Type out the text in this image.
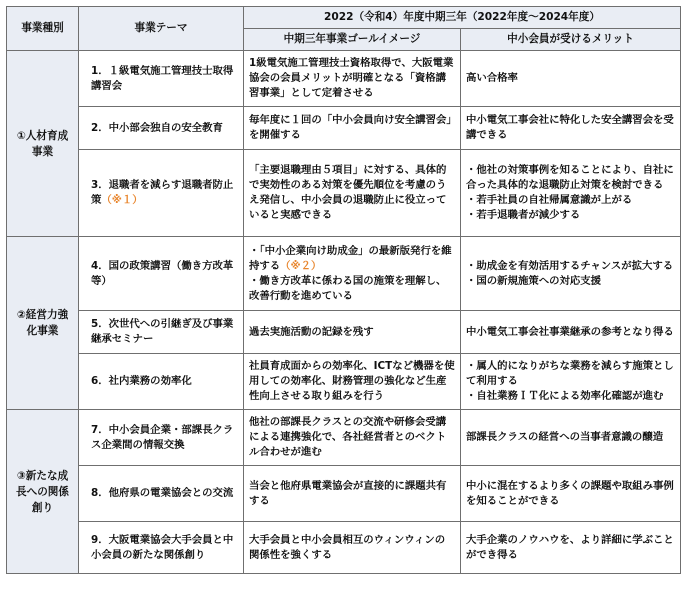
事業種別	事業テーマ	2022（令和4）年度中期三年（2022年度～2024年度）	
		中期三年事業ゴールイメージ	中小会員が受けるメリット
①人材育成事業	1．１級電気施工管理技士取得講習会	1級電気施工管理技士資格取得で、大阪電業協会の会員メリットが明確となる「資格講習事業」として定着させる	高い合格率

	2．中小部会独自の安全教育	毎年度に１回の「中小会員向け安全講習会」を開催する	中小電気工事会社に特化した安全講習会を受講できる

	3．退職者を減らす退職者防止策（※１）	「主要退職理由５項目」に対する、具体的で実効性のある対策を優先順位を考慮のうえ発信し、中小会員の退職防止に役立っていると実感できる	・他社の対策事例を知ることにより、自社に合った具体的な退職防止対策を検討できる
・若手社員の自社帰属意識が上がる
・若手退職者が減少する

②経営力強化事業	4．国の政策講習（働き方改革等）	・「中小企業向け助成金」の最新版発行を維持する（※２）
・働き方改革に係わる国の施策を理解し、改善行動を進めている	・助成金を有効活用するチャンスが拡大する
・国の新規施策への対応支援

	5．次世代への引継ぎ及び事業継承セミナー	過去実施活動の記録を残す	中小電気工事会社事業継承の参考となり得る

	6．社内業務の効率化	社員育成面からの効率化、ICTなど機器を使用しての効率化、財務管理の強化など生産性向上させる取り組みを行う	・属人的になりがちな業務を減らす施策として利用する
・自社業務ＩＴ化による効率化確認が進む

③新たな成長への関係創り	7．中小会員企業・部課長クラス企業間の情報交換	他社の部課長クラスとの交流や研修会受講による連携強化で、各社経営者とのベクトル合わせが進む	部課長クラスの経営への当事者意識の醸造

	8．他府県の電業協会との交流	当会と他府県電業協会が直接的に課題共有する	中小に混在するより多くの課題や取組み事例を知ることができる

	9．大阪電業協会大手会員と中小会員の新たな関係創り	大手会員と中小会員相互のウィンウィンの関係性を強くする	大手企業のノウハウを、より詳細に学ぶことができ得る
